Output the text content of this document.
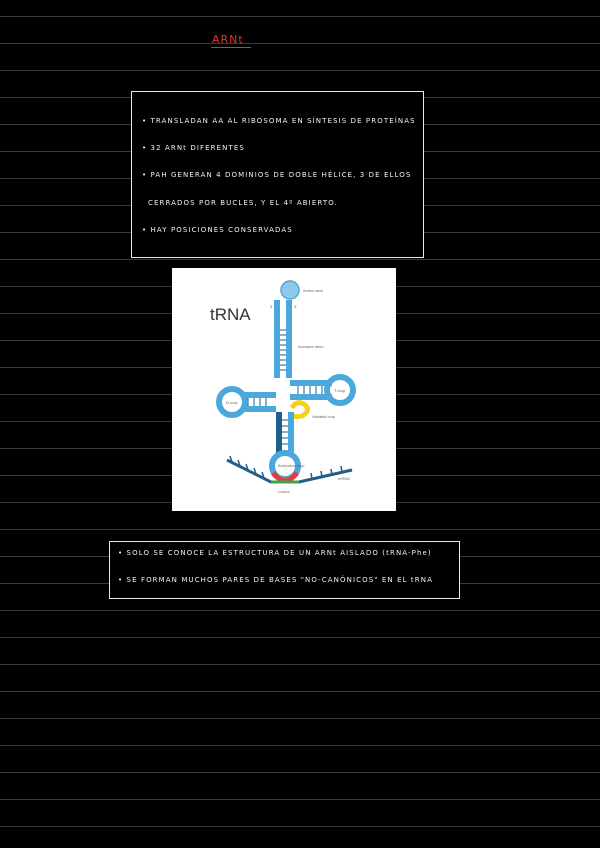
ARNt
• TRANSLADAN AA AL RIBOSOMA EN SÍNTESIS DE PROTEÍNAS
• 32 ARNt DIFERENTES
• PAH GENERAN 4 DOMINIOS DE DOBLE HÉLICE, 3 DE ELLOS
CERRADOS POR BUCLES, Y EL 4º ABIERTO.
• HAY POSICIONES CONSERVADAS
tRNA
Amino acid
5'	3'
Acceptor stem
D-loop
T-loop
Variable loop
Anticodon loop
Codon
mRNA
• SOLO SE CONOCE LA ESTRUCTURA DE UN ARNt AISLADO (tRNA-Phe)
• SE FORMAN MUCHOS PARES DE BASES "NO-CANÓNICOS" EN EL tRNA
